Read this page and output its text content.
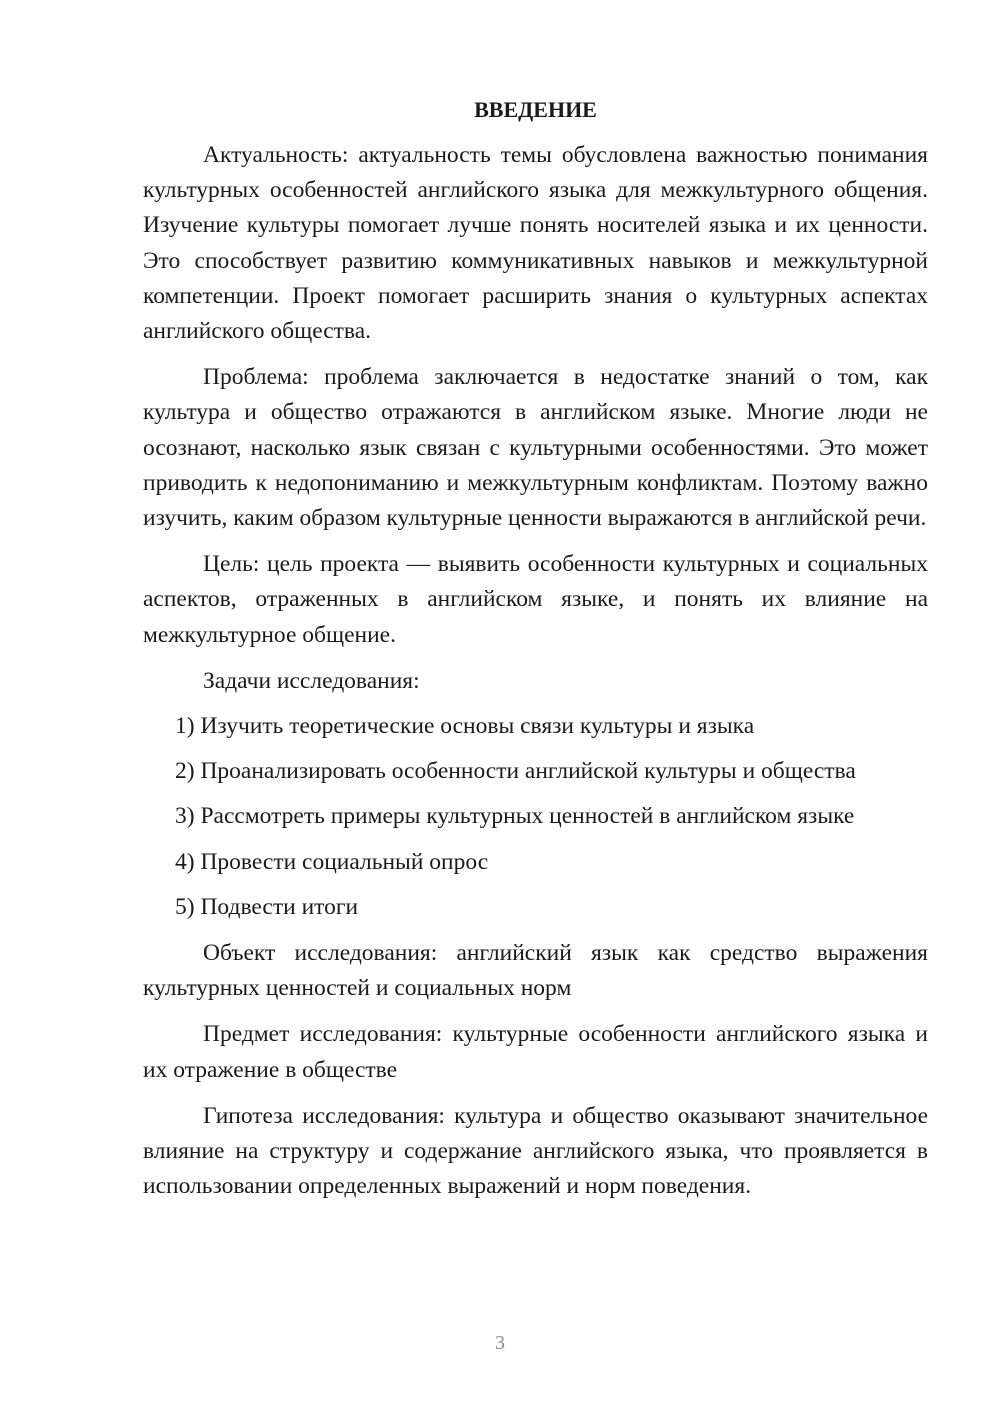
ВВЕДЕНИЕ

Актуальность: актуальность темы обусловлена важностью понимания культурных особенностей английского языка для межкультурного общения. Изучение культуры помогает лучше понять носителей языка и их ценности. Это способствует развитию коммуникативных навыков и межкультурной компетенции. Проект помогает расширить знания о культурных аспектах английского общества.

Проблема: проблема заключается в недостатке знаний о том, как культура и общество отражаются в английском языке. Многие люди не осознают, насколько язык связан с культурными особенностями. Это может приводить к недопониманию и межкультурным конфликтам. Поэтому важно изучить, каким образом культурные ценности выражаются в английской речи.

Цель: цель проекта — выявить особенности культурных и социальных аспектов, отраженных в английском языке, и понять их влияние на межкультурное общение.

Задачи исследования:

1) Изучить теоретические основы связи культуры и языка
2) Проанализировать особенности английской культуры и общества
3) Рассмотреть примеры культурных ценностей в английском языке
4) Провести социальный опрос
5) Подвести итоги

Объект исследования: английский язык как средство выражения культурных ценностей и социальных норм

Предмет исследования: культурные особенности английского языка и их отражение в обществе

Гипотеза исследования: культура и общество оказывают значительное влияние на структуру и содержание английского языка, что проявляется в использовании определенных выражений и норм поведения.

3
